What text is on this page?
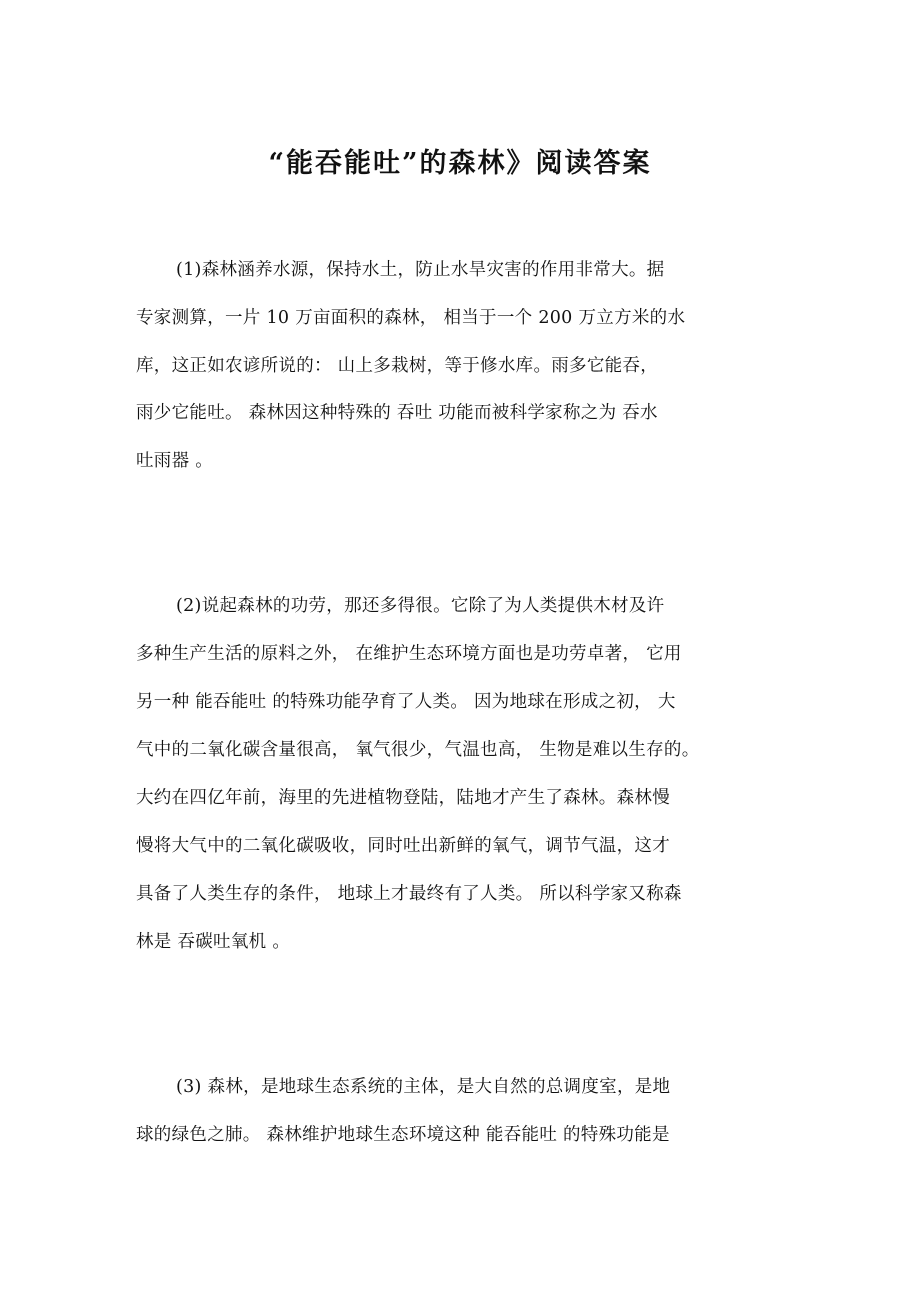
“能吞能吐”的森林》阅读答案
(1)森林涵养水源，保持水土，防止水旱灾害的作用非常大。据
专家测算，一片 10 万亩面积的森林， 相当于一个 200 万立方米的水
库，这正如农谚所说的： 山上多栽树，等于修水库。雨多它能吞，
雨少它能吐。 森林因这种特殊的 吞吐 功能而被科学家称之为 吞水
吐雨器 。
(2)说起森林的功劳，那还多得很。它除了为人类提供木材及许
多种生产生活的原料之外， 在维护生态环境方面也是功劳卓著， 它用
另一种 能吞能吐 的特殊功能孕育了人类。 因为地球在形成之初， 大
气中的二氧化碳含量很高， 氧气很少，气温也高， 生物是难以生存的。
大约在四亿年前，海里的先进植物登陆，陆地才产生了森林。森林慢
慢将大气中的二氧化碳吸收，同时吐出新鲜的氧气，调节气温，这才
具备了人类生存的条件， 地球上才最终有了人类。 所以科学家又称森
林是 吞碳吐氧机 。
(3) 森林，是地球生态系统的主体，是大自然的总调度室，是地
球的绿色之肺。 森林维护地球生态环境这种 能吞能吐 的特殊功能是
